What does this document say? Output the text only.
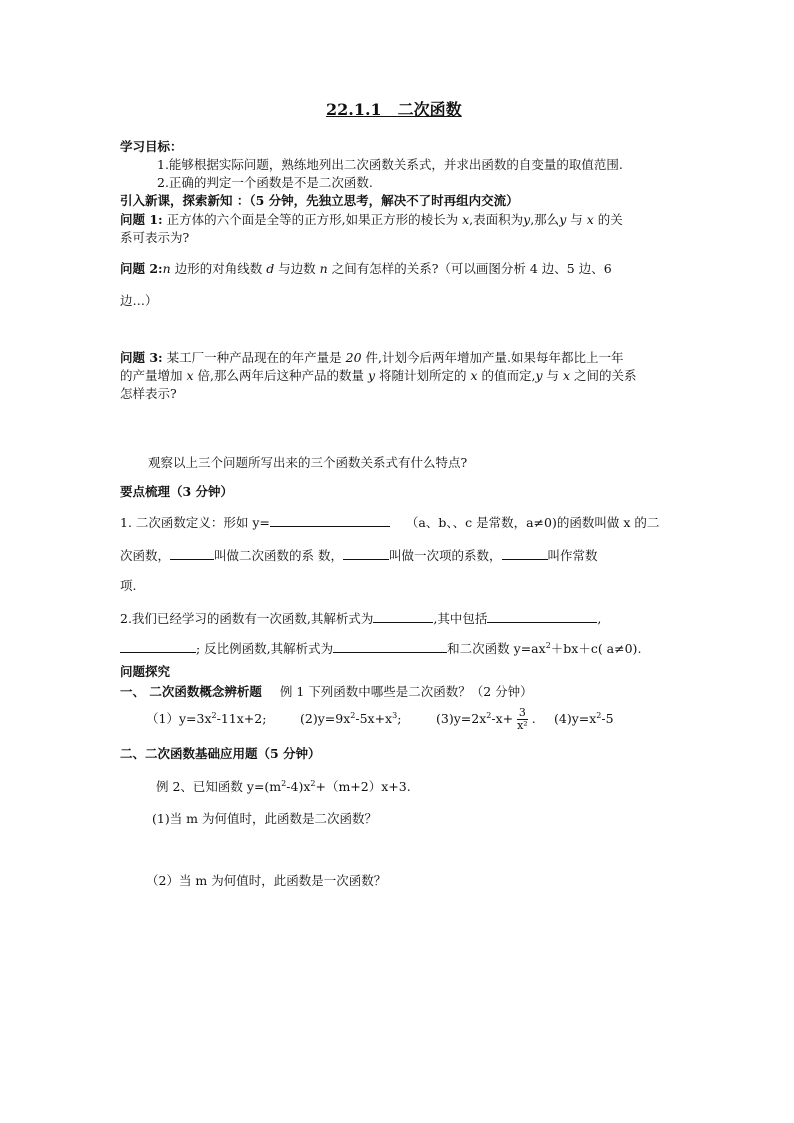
22.1.1　二次函数
学习目标：
1.能够根据实际问题，熟练地列出二次函数关系式，并求出函数的自变量的取值范围.
2.正确的判定一个函数是不是二次函数.
引入新课，探索新知 ：（5 分钟，先独立思考，解决不了时再组内交流）
问题 1: 正方体的六个面是全等的正方形,如果正方形的棱长为 x,表面积为y,那么y 与 x 的关
系可表示为?
问题 2:n 边形的对角线数 d 与边数 n 之间有怎样的关系?（可以画图分析 4 边、5 边、6
边…）
问题 3: 某工厂一种产品现在的年产量是 20 件,计划今后两年增加产量.如果每年都比上一年
的产量增加 x 倍,那么两年后这种产品的数量 y 将随计划所定的 x 的值而定,y 与 x 之间的关系
怎样表示?
观察以上三个问题所写出来的三个函数关系式有什么特点?
要点梳理（3 分钟）
1. 二次函数定义：形如 y=	（a、b、、c 是常数，a≠0)的函数叫做 x 的二
次函数，	叫做二次函数的系 数，	叫做一次项的系数，	叫作常数
项.
2.我们已经学习的函数有一次函数,其解析式为	,其中包括	,
; 反比例函数,其解析式为	和二次函数 $y=ax^2+bx+c$( a≠0).
问题探究
一、 二次函数概念辨析题 例 1 下列函数中哪些是二次函数？（2 分钟）
$(1)y=3x^2-11x+2$;	$(2)y=9x^2-5x+x^3$;	$(3)y=2x^2-x+ \frac{3}{\text{x²}}$ . $(4)y=x^2-5$
二、二次函数基础应用题（5 分钟）
例 2、已知函数 $y=(m^2-4)x^2+(m+2)x+3$.
(1)当 m 为何值时，此函数是二次函数？
（2）当 m 为何值时，此函数是一次函数？
